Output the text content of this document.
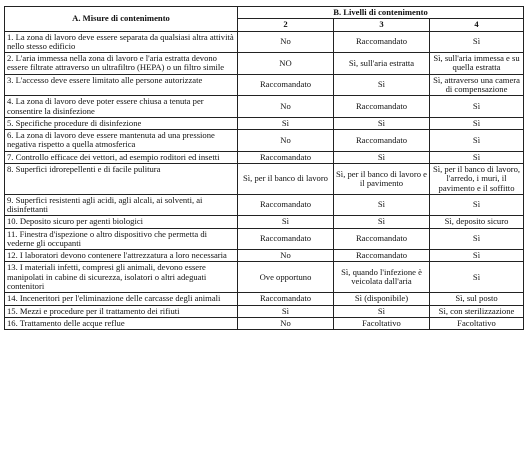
A. Misure di contenimento	B. Livelli di contenimento		
	2	3	4
1. La zona di lavoro deve essere separata da qualsiasi altra attività nello stesso edificio	No	Raccomandato	Sì
2. L'aria immessa nella zona di lavoro e l'aria estratta devono essere filtrate attraverso un ultrafiltro (HEPA) o un filtro simile	NO	Sì, sull'aria estratta	Sì, sull'aria immessa e su quella estratta
3. L'accesso deve essere limitato alle persone autorizzate	Raccomandato	Sì	Sì, attraverso una camera di compensazione
4. La zona di lavoro deve poter essere chiusa a tenuta per consentire la disinfezione	No	Raccomandato	Sì
5. Specifiche procedure di disinfezione	Sì	Sì	Sì
6. La zona di lavoro deve essere mantenuta ad una pressione negativa rispetto a quella atmosferica	No	Raccomandato	Sì
7. Controllo efficace dei vettori, ad esempio roditori ed insetti	Raccomandato	Sì	Sì
8. Superfici idrorepellenti e di facile pulitura	Sì, per il banco di lavoro	Sì, per il banco di lavoro e il pavimento	Sì, per il banco di lavoro, l'arredo, i muri, il pavimento e il soffitto
9. Superfici resistenti agli acidi, agli alcali, ai solventi, ai disinfettanti	Raccomandato	Sì	Sì
10. Deposito sicuro per agenti biologici	Sì	Sì	Sì, deposito sicuro
11. Finestra d'ispezione o altro dispositivo che permetta di vederne gli occupanti	Raccomandato	Raccomandato	Sì
12. I laboratori devono contenere l'attrezzatura a loro necessaria	No	Raccomandato	Sì
13. I materiali infetti, compresi gli animali, devono essere manipolati in cabine di sicurezza, isolatori o altri adeguati contenitori	Ove opportuno	Sì, quando l'infezione è veicolata dall'aria	Sì
14. Inceneritori per l'eliminazione delle carcasse degli animali	Raccomandato	Sì (disponibile)	Sì, sul posto
15. Mezzi e procedure per il trattamento dei rifiuti	Sì	Sì	Sì, con sterilizzazione
16. Trattamento delle acque reflue	No	Facoltativo	Facoltativo
